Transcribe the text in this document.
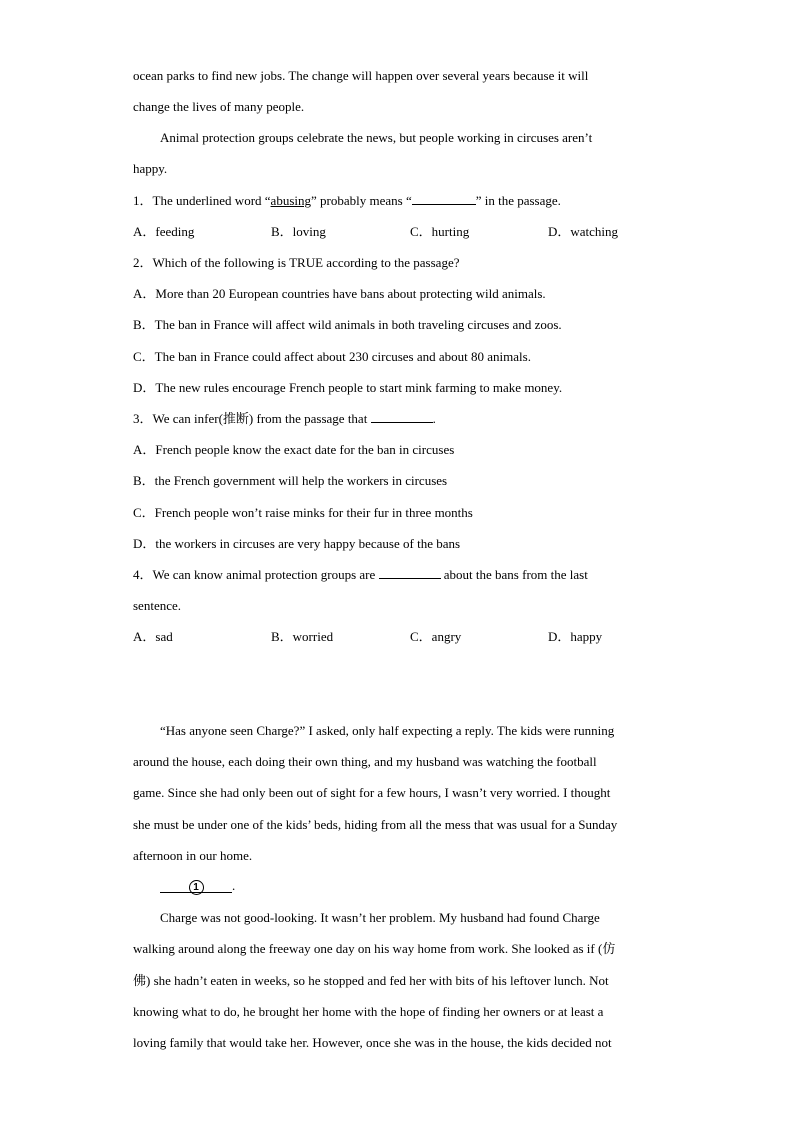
ocean parks to find new jobs. The change will happen over several years because it will
change the lives of many people.
Animal protection groups celebrate the news, but people working in circuses aren’t
happy.
1．The underlined word “abusing” probably means “	” in the passage.
A．feeding	B．loving	C．hurting	D．watching
2．Which of the following is TRUE according to the passage?
A．More than 20 European countries have bans about protecting wild animals.
B．The ban in France will affect wild animals in both traveling circuses and zoos.
C．The ban in France could affect about 230 circuses and about 80 animals.
D．The new rules encourage French people to start mink farming to make money.
3．We can infer(推断) from the passage that	.
A．French people know the exact date for the ban in circuses
B．the French government will help the workers in circuses
C．French people won’t raise minks for their fur in three months
D．the workers in circuses are very happy because of the bans
4．We can know animal protection groups are	about the bans from the last
sentence.
A．sad	B．worried	C．angry	D．happy
“Has anyone seen Charge?” I asked, only half expecting a reply. The kids were running
around the house, each doing their own thing, and my husband was watching the football
game. Since she had only been out of sight for a few hours, I wasn’t very worried. I thought
she must be under one of the kids’ beds, hiding from all the mess that was usual for a Sunday
afternoon in our home.
1	.
Charge was not good-looking. It wasn’t her problem. My husband had found Charge
walking around along the freeway one day on his way home from work. She looked as if (仿
佛) she hadn’t eaten in weeks, so he stopped and fed her with bits of his leftover lunch. Not
knowing what to do, he brought her home with the hope of finding her owners or at least a
loving family that would take her. However, once she was in the house, the kids decided not
